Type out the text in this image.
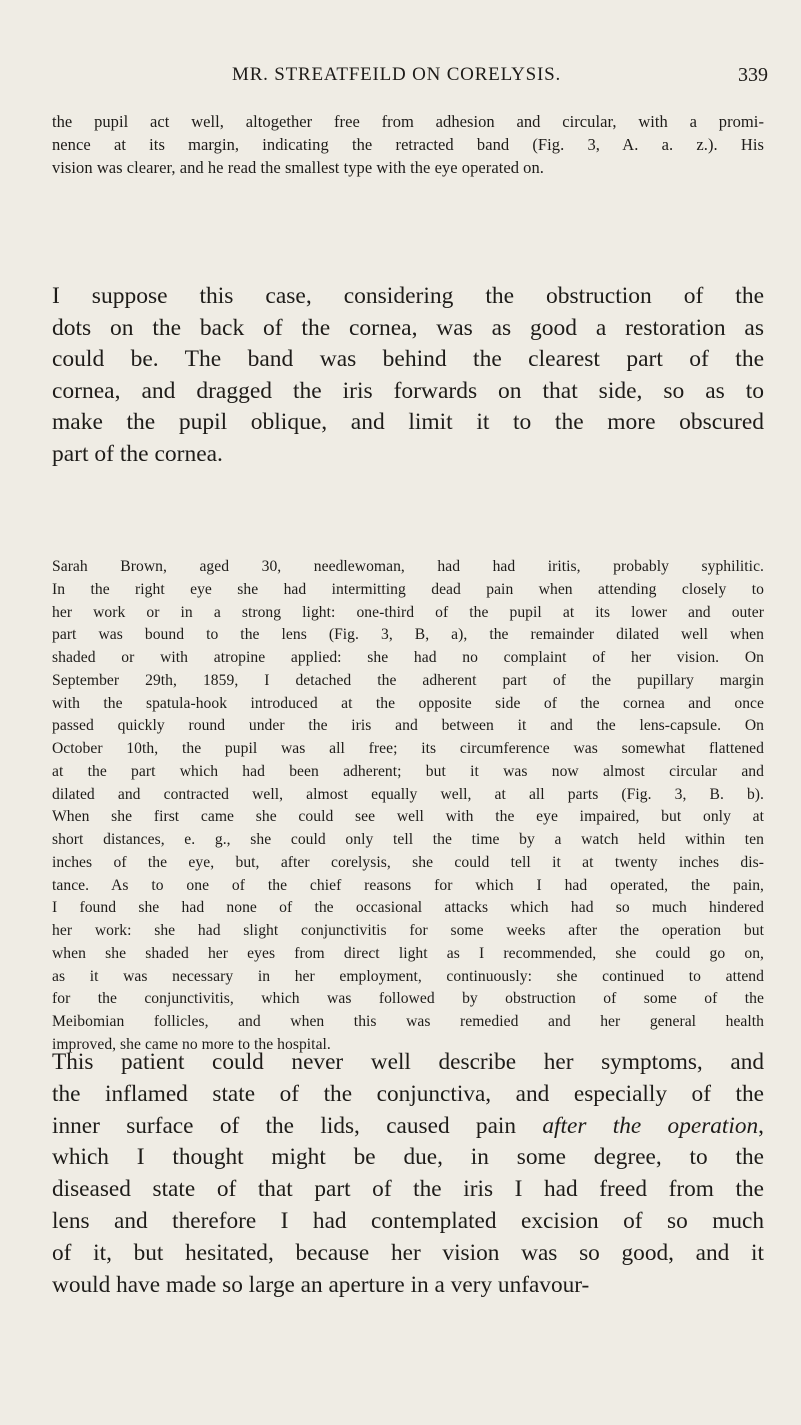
MR. STREATFEILD ON CORELYSIS.	339
the pupil act well, altogether free from adhesion and circular, with a promi-
nence at its margin, indicating the retracted band (Fig. 3, A. a. z.). His
vision was clearer, and he read the smallest type with the eye operated on.
I suppose this case, considering the obstruction of the
dots on the back of the cornea, was as good a restoration as
could be. The band was behind the clearest part of the
cornea, and dragged the iris forwards on that side, so as to
make the pupil oblique, and limit it to the more obscured
part of the cornea.
Sarah Brown, aged 30, needlewoman, had had iritis, probably syphilitic.
In the right eye she had intermitting dead pain when attending closely to
her work or in a strong light: one-third of the pupil at its lower and outer
part was bound to the lens (Fig. 3, B, a), the remainder dilated well when
shaded or with atropine applied: she had no complaint of her vision. On
September 29th, 1859, I detached the adherent part of the pupillary margin
with the spatula-hook introduced at the opposite side of the cornea and once
passed quickly round under the iris and between it and the lens-capsule. On
October 10th, the pupil was all free; its circumference was somewhat flattened
at the part which had been adherent; but it was now almost circular and
dilated and contracted well, almost equally well, at all parts (Fig. 3, B. b).
When she first came she could see well with the eye impaired, but only at
short distances, e. g., she could only tell the time by a watch held within ten
inches of the eye, but, after corelysis, she could tell it at twenty inches dis-
tance. As to one of the chief reasons for which I had operated, the pain,
I found she had none of the occasional attacks which had so much hindered
her work: she had slight conjunctivitis for some weeks after the operation but
when she shaded her eyes from direct light as I recommended, she could go on,
as it was necessary in her employment, continuously: she continued to attend
for the conjunctivitis, which was followed by obstruction of some of the
Meibomian follicles, and when this was remedied and her general health
improved, she came no more to the hospital.
This patient could never well describe her symptoms, and
the inflamed state of the conjunctiva, and especially of the
inner surface of the lids, caused pain after the operation,
which I thought might be due, in some degree, to the
diseased state of that part of the iris I had freed from the
lens and therefore I had contemplated excision of so much
of it, but hesitated, because her vision was so good, and it
would have made so large an aperture in a very unfavour-
